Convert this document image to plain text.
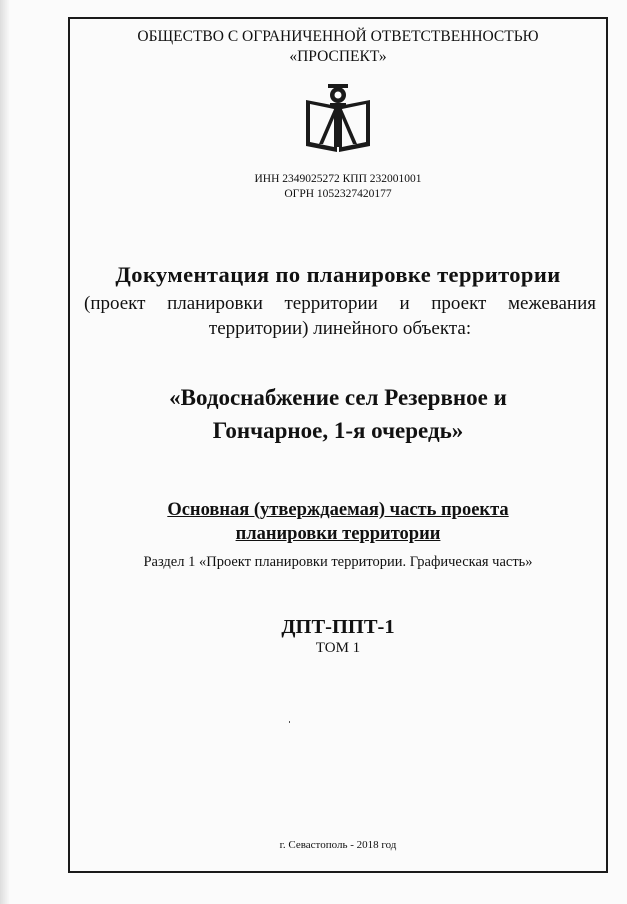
ОБЩЕСТВО С ОГРАНИЧЕННОЙ ОТВЕТСТВЕННОСТЬЮ
«ПРОСПЕКТ»
ИНН 2349025272 КПП 232001001
ОГРН 1052327420177
Документация по планировке территории
(проект планировки территории и проект межевания
территории) линейного объекта:
«Водоснабжение сел Резервное и
Гончарное, 1-я очередь»
Основная (утверждаемая) часть проекта
планировки территории
Раздел 1 «Проект планировки территории. Графическая часть»
ДПТ-ППТ-1
ТОМ 1
г. Севастополь - 2018 год
